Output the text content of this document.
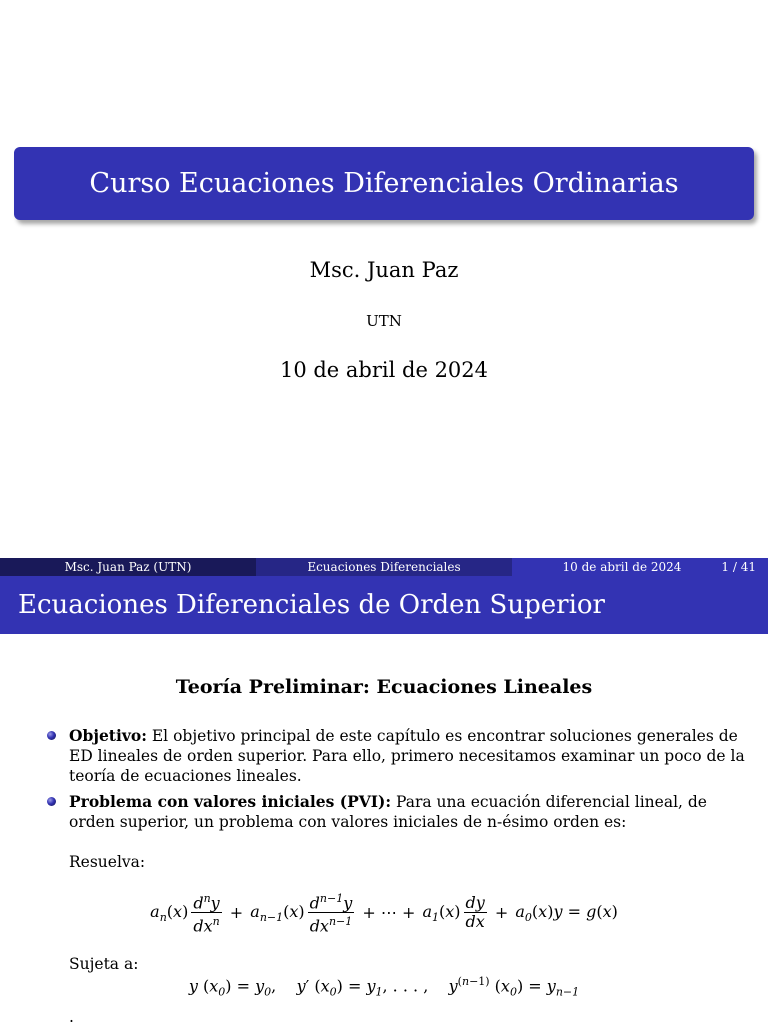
Curso Ecuaciones Diferenciales Ordinarias
Msc. Juan Paz
UTN
10 de abril de 2024
Msc. Juan Paz (UTN)	Ecuaciones Diferenciales	10 de abril de 2024	1 / 41
Ecuaciones Diferenciales de Orden Superior
Teoría Preliminar: Ecuaciones Lineales
Objetivo: El objetivo principal de este capítulo es encontrar soluciones generales de ED lineales de orden superior. Para ello, primero necesitamos examinar un poco de la teoría de ecuaciones lineales.
Problema con valores iniciales (PVI): Para una ecuación diferencial lineal, de orden superior, un problema con valores iniciales de n-ésimo orden es:
Resuelva:
$a_n(x) \frac{d^ny}{dx^n} + a_{n-1}(x) \frac{d^{n-1}y}{dx^{n-1}}$ + ⋯ + $a_1(x) \frac{dy}{dx} + a_0(x)y = g(x)$
Sujeta a:
y $(x_0) = y_0$,    y′ $(x_0) = y_1$, . . . ,    $y^{(n-1)}$ $(x_0) = y_{n-1}$
.
